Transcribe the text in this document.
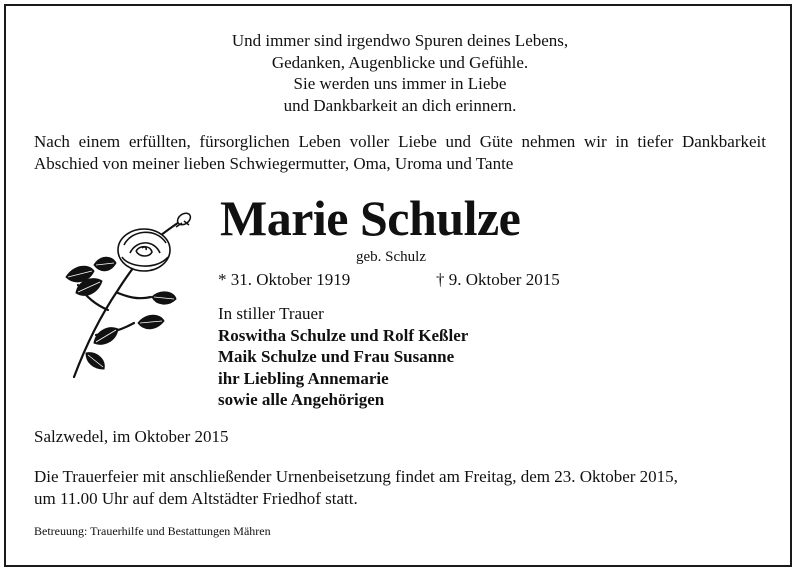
Und immer sind irgendwo Spuren deines Lebens,
Gedanken, Augenblicke und Gefühle.
Sie werden uns immer in Liebe
und Dankbarkeit an dich erinnern.
Nach einem erfüllten, fürsorglichen Leben voller Liebe und Güte nehmen wir in tiefer Dankbarkeit Abschied von meiner lieben Schwiegermutter, Oma, Uroma und Tante
Marie Schulze
geb. Schulz
* 31. Oktober 1919	† 9. Oktober 2015
In stiller Trauer
Roswitha Schulze und Rolf Keßler
Maik Schulze und Frau Susanne
ihr Liebling Annemarie
sowie alle Angehörigen
Salzwedel, im Oktober 2015
Die Trauerfeier mit anschließender Urnenbeisetzung findet am Freitag, dem 23. Oktober 2015,
um 11.00 Uhr auf dem Altstädter Friedhof statt.
Betreuung: Trauerhilfe und Bestattungen Mähren
